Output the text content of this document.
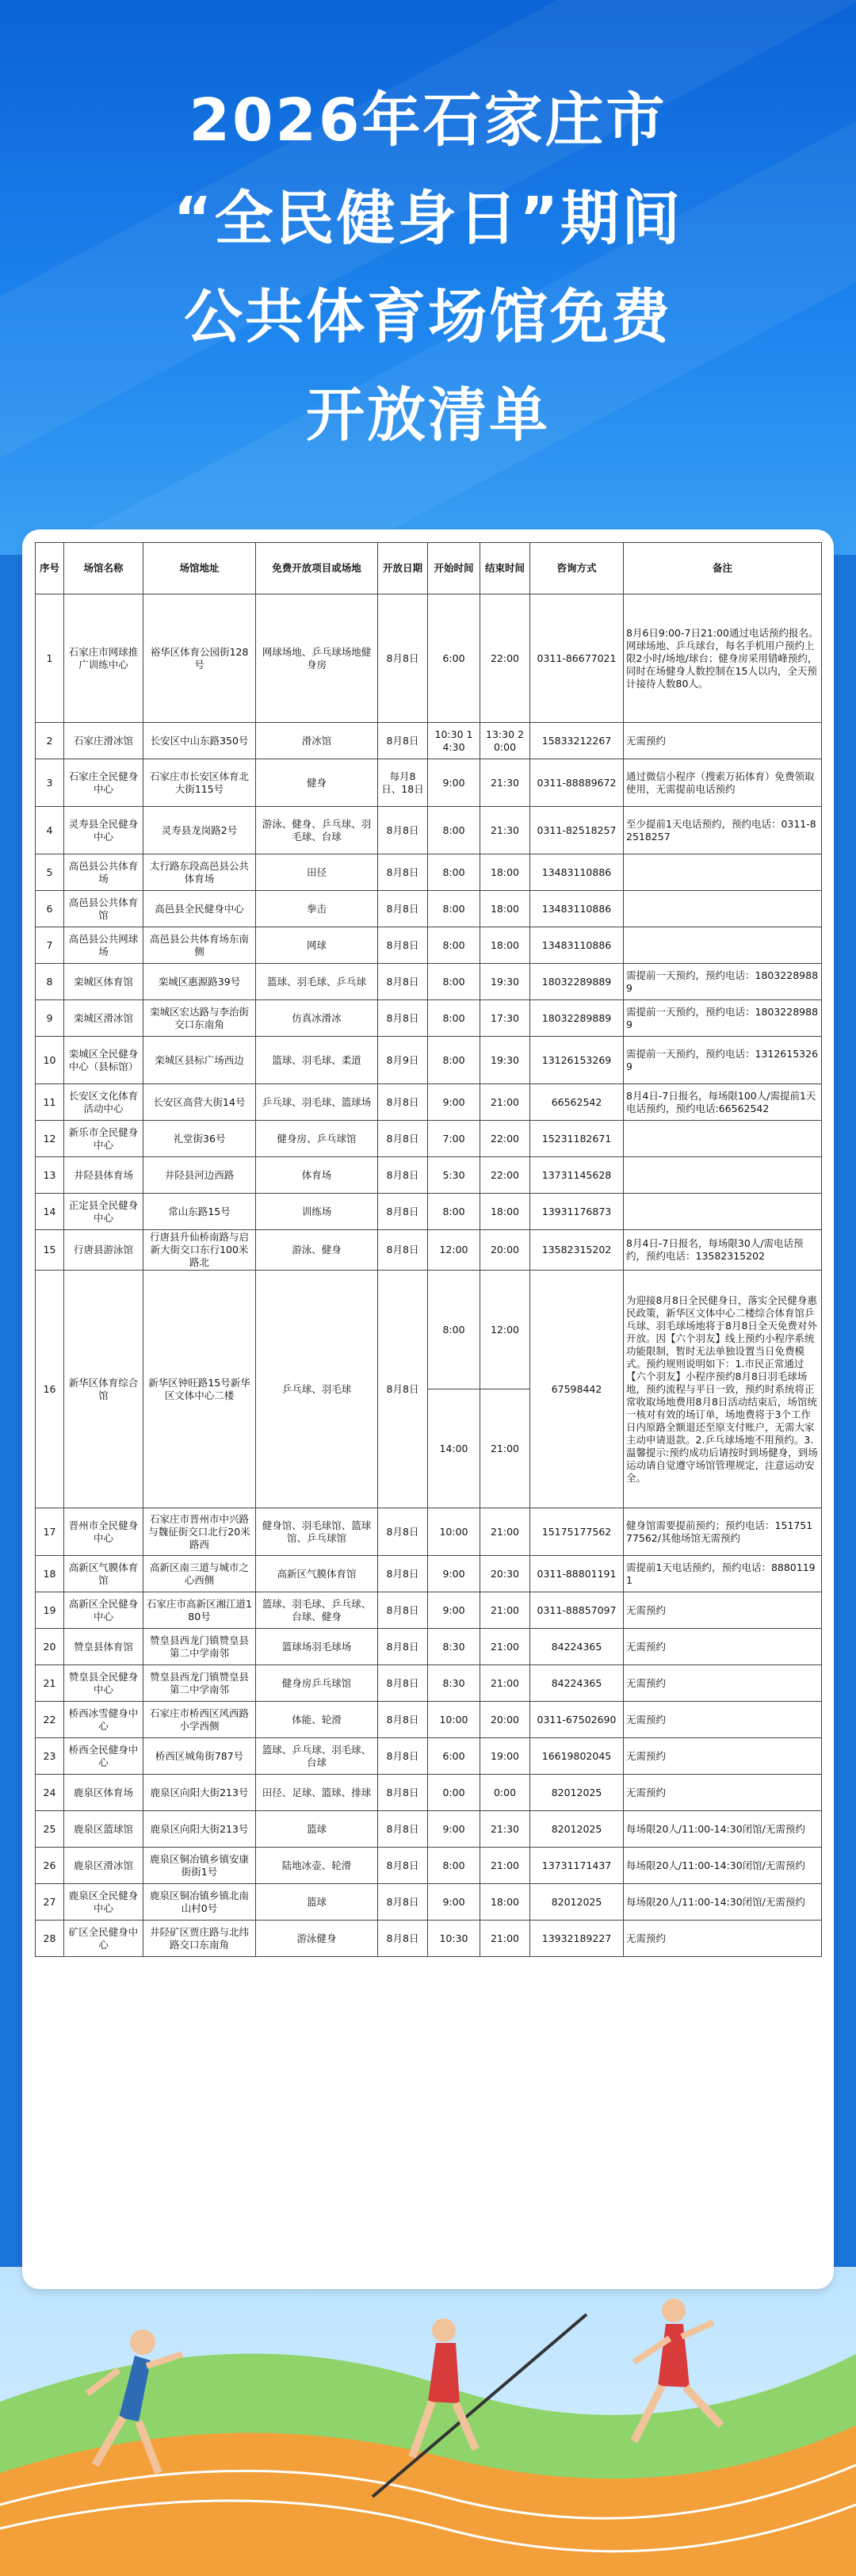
2026年石家庄市
“全民健身日”期间
公共体育场馆免费
开放清单
序号	场馆名称	场馆地址	免费开放项目或场地	开放日期	开始时间	结束时间	咨询方式	备注
1	石家庄市网球推广训练中心	裕华区体育公园街128号	网球场地、乒乓球场地健身房	8月8日	6:00	22:00	0311-86677021	8月6日9:00-7日21:00通过电话预约报名。网球场地、乒乓球台，每名手机用户预约上限2小时/场地/球台；健身房采用错峰预约，同时在场健身人数控制在15人以内，全天预计接待人数80人。
2	石家庄滑冰馆	长安区中山东路350号	滑冰馆	8月8日	10:30 14:30	13:30 20:00	15833212267	无需预约
3	石家庄全民健身中心	石家庄市长安区体育北大街115号	健身	每月8日、18日	9:00	21:30	0311-88889672	通过微信小程序（搜索万拓体育）免费领取使用，无需提前电话预约
4	灵寿县全民健身中心	灵寿县龙岗路2号	游泳、健身、乒乓球、羽毛球、台球	8月8日	8:00	21:30	0311-82518257	至少提前1天电话预约，预约电话：0311-82518257
5	高邑县公共体育场	太行路东段高邑县公共体育场	田径	8月8日	8:00	18:00	13483110886	
6	高邑县公共体育馆	高邑县全民健身中心	拳击	8月8日	8:00	18:00	13483110886	
7	高邑县公共网球场	高邑县公共体育场东南侧	网球	8月8日	8:00	18:00	13483110886	
8	栾城区体育馆	栾城区惠源路39号	篮球、羽毛球、乒乓球	8月8日	8:00	19:30	18032289889	需提前一天预约，预约电话：18032289889
9	栾城区滑冰馆	栾城区宏达路与李治街交口东南角	仿真冰滑冰	8月8日	8:00	17:30	18032289889	需提前一天预约，预约电话：18032289889
10	栾城区全民健身中心（县标馆）	栾城区县标广场西边	篮球、羽毛球、柔道	8月9日	8:00	19:30	13126153269	需提前一天预约，预约电话：13126153269
11	长安区文化体育活动中心	长安区高营大街14号	乒乓球、羽毛球、篮球场	8月8日	9:00	21:00	66562542	8月4日-7日报名，每场限100人/需提前1天电话预约，预约电话:66562542
12	新乐市全民健身中心	礼堂街36号	健身房、乒乓球馆	8月8日	7:00	22:00	15231182671	
13	井陉县体育场	井陉县河边西路	体育场	8月8日	5:30	22:00	13731145628	
14	正定县全民健身中心	常山东路15号	训练场	8月8日	8:00	18:00	13931176873	
15	行唐县游泳馆	行唐县升仙桥南路与启新大街交口东行100米路北	游泳、健身	8月8日	12:00	20:00	13582315202	8月4日-7日报名，每场限30人/需电话预约，预约电话：13582315202
16	新华区体育综合馆	新华区钟旺路15号新华区文体中心二楼	乒乓球、羽毛球	8月8日	8:00	12:00	67598442	为迎接8月8日全民健身日，落实全民健身惠民政策，新华区文体中心二楼综合体育馆乒乓球、羽毛球场地将于8月8日全天免费对外开放。因【六个羽友】线上预约小程序系统功能限制，暂时无法单独设置当日免费模式。预约规则说明如下：1.市民正常通过【六个羽友】小程序预约8月8日羽毛球场地，预约流程与平日一致，预约时系统将正常收取场地费用8月8日活动结束后，场馆统一核对有效的场订单，场地费将于3个工作日内原路全额退还至原支付账户，无需大家主动申请退款。2.乒乓球场地不用预约。3.温馨提示:预约成功后请按时到场健身，到场运动请自觉遵守场馆管理规定，注意运动安全。
					14:00	21:00		
17	晋州市全民健身中心	石家庄市晋州市中兴路与魏征街交口北行20米路西	健身馆、羽毛球馆、篮球馆、乒乓球馆	8月8日	10:00	21:00	15175177562	健身馆需要提前预约；预约电话：15175177562/其他场馆无需预约
18	高新区气膜体育馆	高新区南三道与城市之心西侧	高新区气膜体育馆	8月8日	9:00	20:30	0311-88801191	需提前1天电话预约，预约电话：88801191
19	高新区全民健身中心	石家庄市高新区湘江道180号	篮球、羽毛球、乒乓球、台球、健身	8月8日	9:00	21:00	0311-88857097	无需预约
20	赞皇县体育馆	赞皇县西龙门镇赞皇县第二中学南邻	篮球场羽毛球场	8月8日	8:30	21:00	84224365	无需预约
21	赞皇县全民健身中心	赞皇县西龙门镇赞皇县第二中学南邻	健身房乒乓球馆	8月8日	8:30	21:00	84224365	无需预约
22	桥西冰雪健身中心	石家庄市桥西区风西路小学西侧	体能、轮滑	8月8日	10:00	20:00	0311-67502690	无需预约
23	桥西全民健身中心	桥西区城角街787号	篮球、乒乓球、羽毛球、台球	8月8日	6:00	19:00	16619802045	无需预约
24	鹿泉区体育场	鹿泉区向阳大街213号	田径、足球、篮球、排球	8月8日	0:00	0:00	82012025	无需预约
25	鹿泉区篮球馆	鹿泉区向阳大街213号	篮球	8月8日	9:00	21:30	82012025	每场限20人/11:00-14:30闭馆/无需预约
26	鹿泉区滑冰馆	鹿泉区铜冶镇乡镇安康街街1号	陆地冰壶、轮滑	8月8日	8:00	21:00	13731171437	每场限20人/11:00-14:30闭馆/无需预约
27	鹿泉区全民健身中心	鹿泉区铜冶镇乡镇北南山村0号	篮球	8月8日	9:00	18:00	82012025	每场限20人/11:00-14:30闭馆/无需预约
28	矿区全民健身中心	井陉矿区贾庄路与北纬路交口东南角	游泳健身	8月8日	10:30	21:00	13932189227	无需预约
